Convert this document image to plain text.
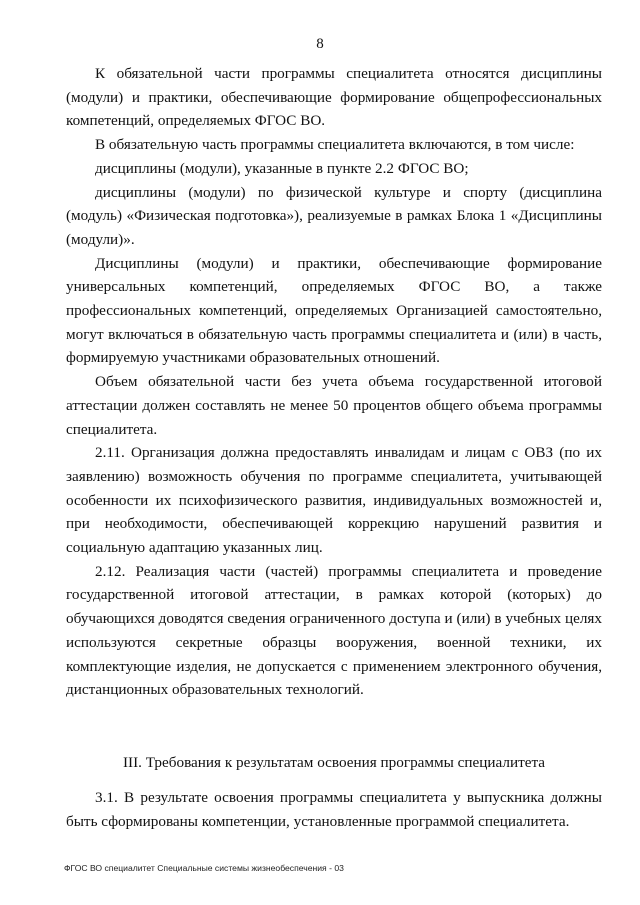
8

К обязательной части программы специалитета относятся дисциплины (модули) и практики, обеспечивающие формирование общепрофессиональных компетенций, определяемых ФГОС ВО.

В обязательную часть программы специалитета включаются, в том числе:

дисциплины (модули), указанные в пункте 2.2 ФГОС ВО;

дисциплины (модули) по физической культуре и спорту (дисциплина (модуль) «Физическая подготовка»), реализуемые в рамках Блока 1 «Дисциплины (модули)».

Дисциплины (модули) и практики, обеспечивающие формирование универсальных компетенций, определяемых ФГОС ВО, а также профессиональных компетенций, определяемых Организацией самостоятельно, могут включаться в обязательную часть программы специалитета и (или) в часть, формируемую участниками образовательных отношений.

Объем обязательной части без учета объема государственной итоговой аттестации должен составлять не менее 50 процентов общего объема программы специалитета.

2.11. Организация должна предоставлять инвалидам и лицам с ОВЗ (по их заявлению) возможность обучения по программе специалитета, учитывающей особенности их психофизического развития, индивидуальных возможностей и, при необходимости, обеспечивающей коррекцию нарушений развития и социальную адаптацию указанных лиц.

2.12. Реализация части (частей) программы специалитета и проведение государственной итоговой аттестации, в рамках которой (которых) до обучающихся доводятся сведения ограниченного доступа и (или) в учебных целях используются секретные образцы вооружения, военной техники, их комплектующие изделия, не допускается с применением электронного обучения, дистанционных образовательных технологий.

III. Требования к результатам освоения программы специалитета

3.1. В результате освоения программы специалитета у выпускника должны быть сформированы компетенции, установленные программой специалитета.

ФГОС ВО специалитет Специальные системы жизнеобеспечения - 03
